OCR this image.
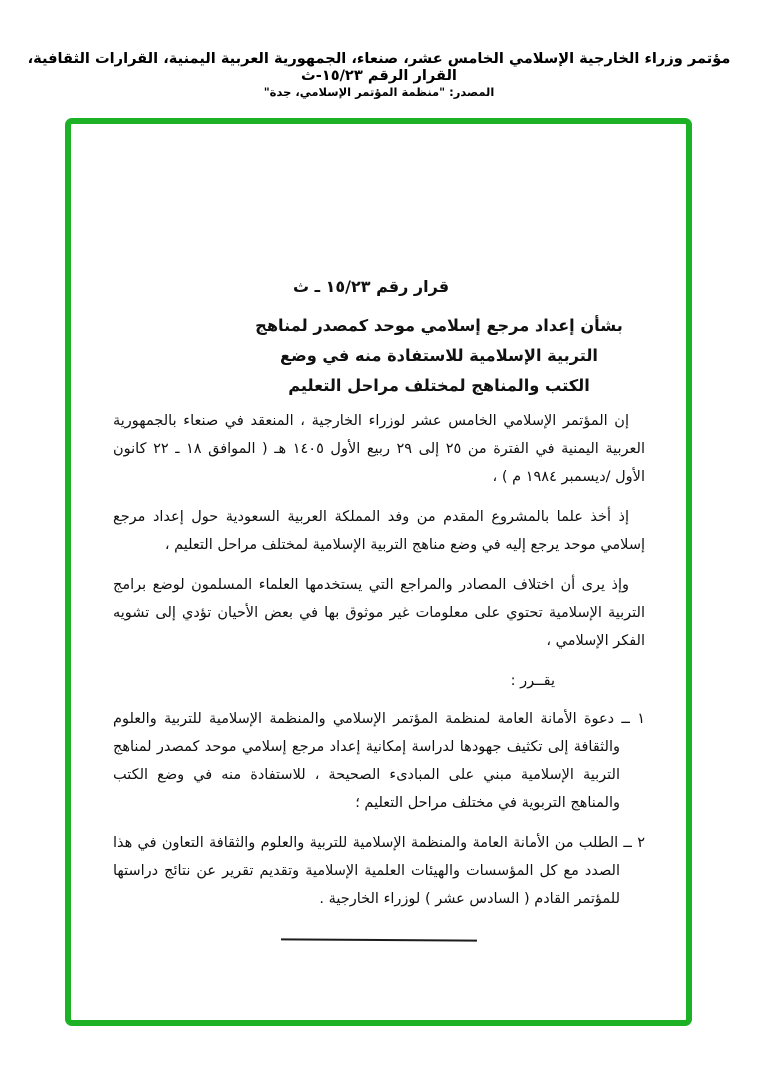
مؤتمر وزراء الخارجية الإسلامي الخامس عشر، صنعاء، الجمهورية العربية اليمنية، القرارات الثقافية، القرار الرقم ١٥/٢٣-ث
المصدر: "منظمة المؤتمر الإسلامي، جدة"
قرار رقم ١٥/٢٣ ـ ث
بشأن إعداد مرجع إسلامي موحد كمصدر لمناهج
التربية الإسلامية للاستفادة منه في وضع
الكتب والمناهج لمختلف مراحل التعليم
إن المؤتمر الإسلامي الخامس عشر لوزراء الخارجية ، المنعقد في صنعاء بالجمهورية العربية اليمنية في الفترة من ٢٥ إلى ٢٩ ربيع الأول ١٤٠٥ هـ ( الموافق ١٨ ـ ٢٢ كانون الأول /ديسمبر ١٩٨٤ م ) ،
إذ أخذ علما بالمشروع المقدم من وفد المملكة العربية السعودية حول إعداد مرجع إسلامي موحد يرجع إليه في وضع مناهج التربية الإسلامية لمختلف مراحل التعليم ،
وإذ يرى أن اختلاف المصادر والمراجع التي يستخدمها العلماء المسلمون لوضع برامج التربية الإسلامية تحتوي على معلومات غير موثوق بها في بعض الأحيان تؤدي إلى تشويه الفكر الإسلامي ،
يقــرر :
١ ــ دعوة الأمانة العامة لمنظمة المؤتمر الإسلامي والمنظمة الإسلامية للتربية والعلوم والثقافة إلى تكثيف جهودها لدراسة إمكانية إعداد مرجع إسلامي موحد كمصدر لمناهج التربية الإسلامية مبني على المبادىء الصحيحة ، للاستفادة منه في وضع الكتب والمناهج التربوية في مختلف مراحل التعليم ؛
٢ ــ الطلب من الأمانة العامة والمنظمة الإسلامية للتربية والعلوم والثقافة التعاون في هذا الصدد مع كل المؤسسات والهيئات العلمية الإسلامية وتقديم تقرير عن نتائج دراستها للمؤتمر القادم ( السادس عشر ) لوزراء الخارجية .
